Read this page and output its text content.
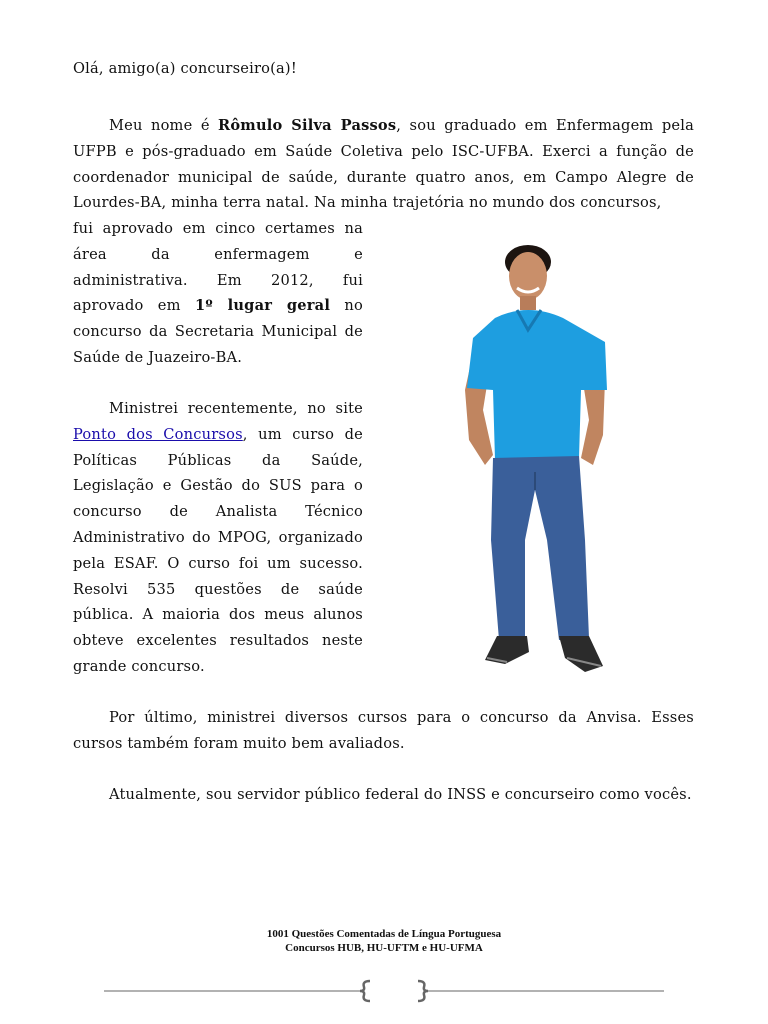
Olá, amigo(a) concurseiro(a)!

Meu nome é Rômulo Silva Passos, sou graduado em Enfermagem pela UFPB e pós-graduado em Saúde Coletiva pelo ISC-UFBA. Exerci a função de coordenador municipal de saúde, durante quatro anos, em Campo Alegre de Lourdes-BA, minha terra natal. Na minha trajetória no mundo dos concursos,

fui aprovado em cinco certames na área da enfermagem e administrativa. Em 2012, fui aprovado em 1º lugar geral no concurso da Secretaria Municipal de Saúde de Juazeiro-BA.

Ministrei recentemente, no site Ponto dos Concursos, um curso de Políticas Públicas da Saúde, Legislação e Gestão do SUS para o concurso de Analista Técnico Administrativo do MPOG, organizado pela ESAF. O curso foi um sucesso. Resolvi 535 questões de saúde pública. A maioria dos meus alunos obteve excelentes resultados neste grande concurso.

Por último, ministrei diversos cursos para o concurso da Anvisa. Esses cursos também foram muito bem avaliados.

Atualmente, sou servidor público federal do INSS e concurseiro como vocês.

1001 Questões Comentadas de Língua Portuguesa
Concursos HUB, HU-UFTM e HU-UFMA
